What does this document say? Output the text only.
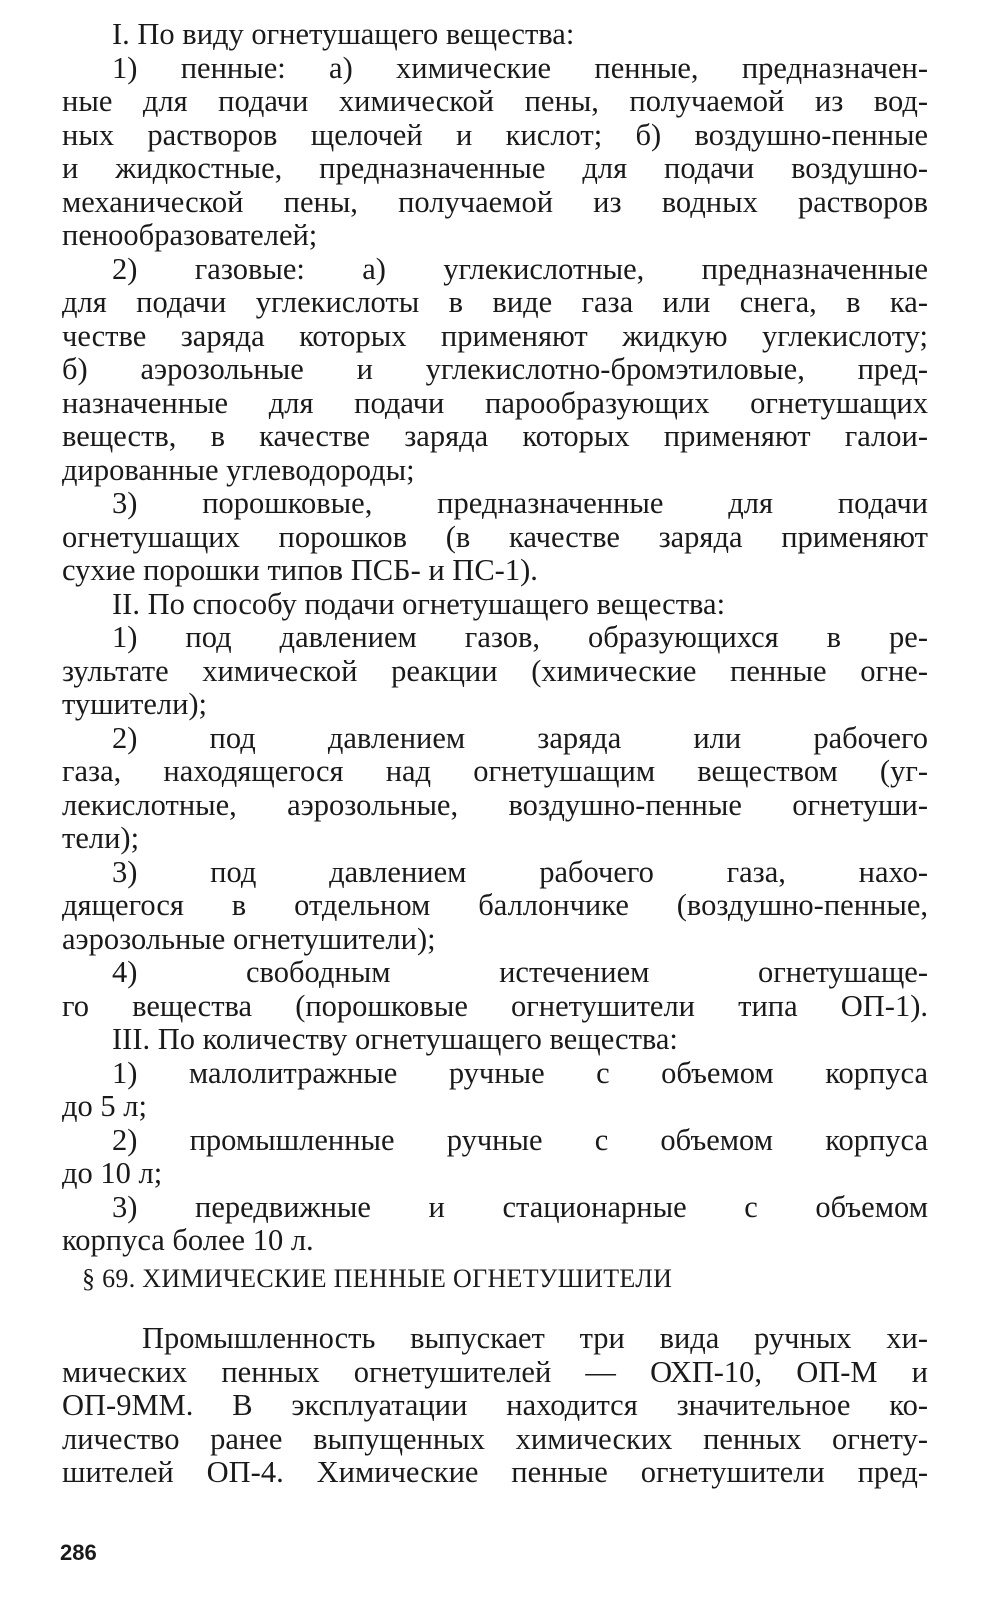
I. По виду огнетушащего вещества:
1) пенные: а) химические пенные, предназначен-
ные для подачи химической пены, получаемой из вод-
ных растворов щелочей и кислот; б) воздушно-пенные
и жидкостные, предназначенные для подачи воздушно-
механической пены, получаемой из водных растворов
пенообразователей;
2) газовые: а) углекислотные, предназначенные
для подачи углекислоты в виде газа или снега, в ка-
честве заряда которых применяют жидкую углекислоту;
б) аэрозольные и углекислотно-бромэтиловые, пред-
назначенные для подачи парообразующих огнетушащих
веществ, в качестве заряда которых применяют галои-
дированные углеводороды;
3) порошковые, предназначенные для подачи
огнетушащих порошков (в качестве заряда применяют
сухие порошки типов ПСБ- и ПС-1).
II. По способу подачи огнетушащего вещества:
1) под давлением газов, образующихся в ре-
зультате химической реакции (химические пенные огне-
тушители);
2) под давлением заряда или рабочего
газа, находящегося над огнетушащим веществом (уг-
лекислотные, аэрозольные, воздушно-пенные огнетуши-
тели);
3) под давлением рабочего газа, нахо-
дящегося в отдельном баллончике (воздушно-пенные,
аэрозольные огнетушители);
4) свободным истечением огнетушаще-
го вещества (порошковые огнетушители типа ОП-1).
III. По количеству огнетушащего вещества:
1) малолитражные ручные с объемом корпуса
до 5 л;
2) промышленные ручные с объемом корпуса
до 10 л;
3) передвижные и стационарные с объемом
корпуса более 10 л.
§ 69. ХИМИЧЕСКИЕ ПЕННЫЕ ОГНЕТУШИТЕЛИ
Промышленность выпускает три вида ручных хи-
мических пенных огнетушителей — ОХП-10, ОП-М и
ОП-9ММ. В эксплуатации находится значительное ко-
личество ранее выпущенных химических пенных огнету-
шителей ОП-4. Химические пенные огнетушители пред-
286
